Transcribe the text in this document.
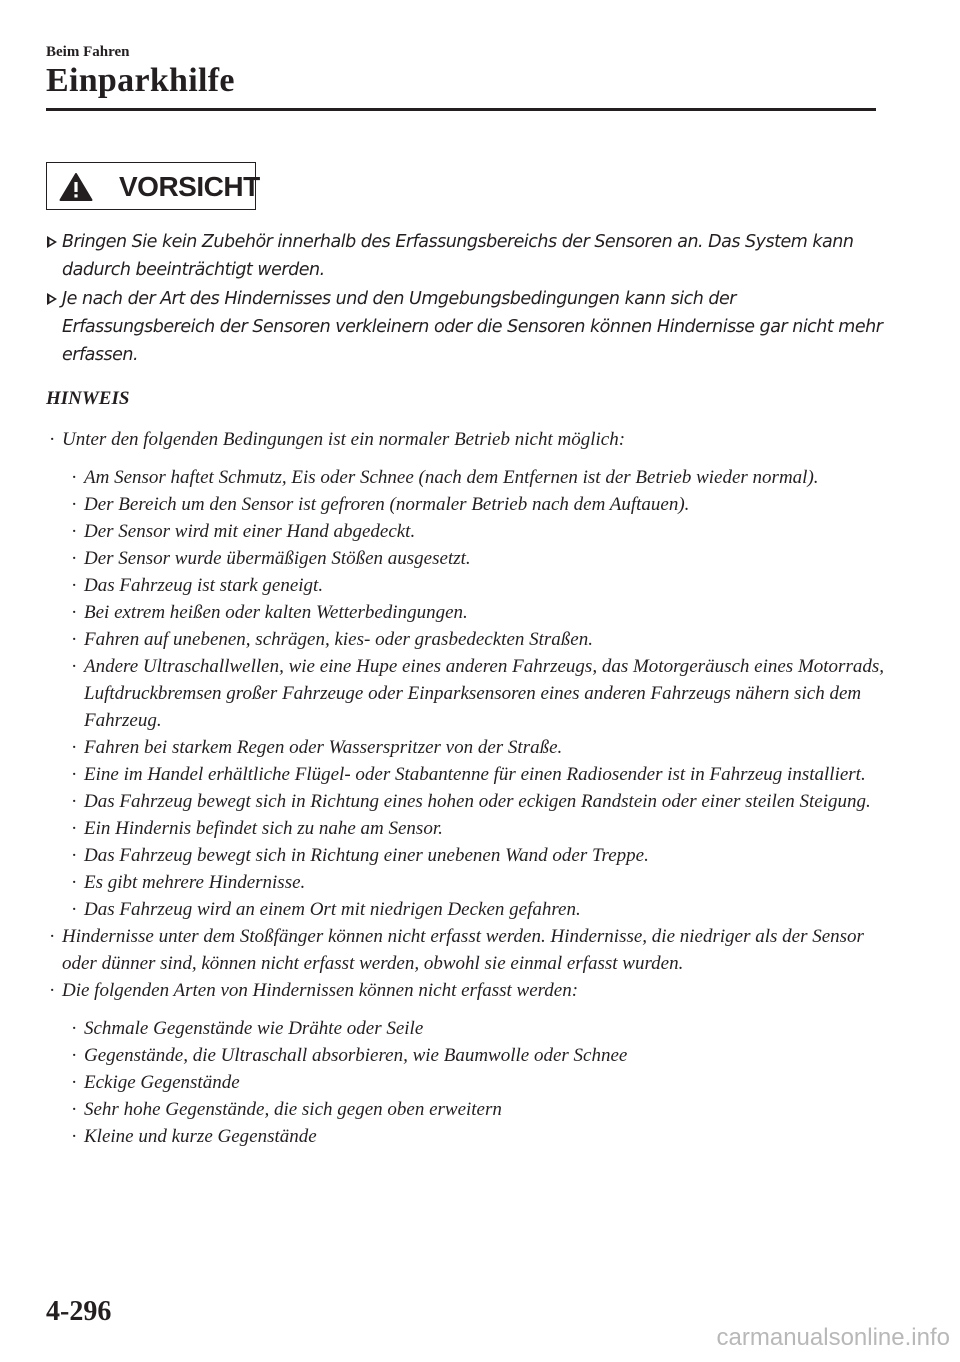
Beim Fahren
Einparkhilfe
VORSICHT
Bringen Sie kein Zubehör innerhalb des Erfassungsbereichs der Sensoren an. Das System kann dadurch beeinträchtigt werden.
Je nach der Art des Hindernisses und den Umgebungsbedingungen kann sich der Erfassungsbereich der Sensoren verkleinern oder die Sensoren können Hindernisse gar nicht mehr erfassen.
HINWEIS
· Unter den folgenden Bedingungen ist ein normaler Betrieb nicht möglich:
· Am Sensor haftet Schmutz, Eis oder Schnee (nach dem Entfernen ist der Betrieb wieder normal).
· Der Bereich um den Sensor ist gefroren (normaler Betrieb nach dem Auftauen).
· Der Sensor wird mit einer Hand abgedeckt.
· Der Sensor wurde übermäßigen Stößen ausgesetzt.
· Das Fahrzeug ist stark geneigt.
· Bei extrem heißen oder kalten Wetterbedingungen.
· Fahren auf unebenen, schrägen, kies- oder grasbedeckten Straßen.
· Andere Ultraschallwellen, wie eine Hupe eines anderen Fahrzeugs, das Motorgeräusch eines Motorrads, Luftdruckbremsen großer Fahrzeuge oder Einparksensoren eines anderen Fahrzeugs nähern sich dem Fahrzeug.
· Fahren bei starkem Regen oder Wasserspritzer von der Straße.
· Eine im Handel erhältliche Flügel- oder Stabantenne für einen Radiosender ist in Fahrzeug installiert.
· Das Fahrzeug bewegt sich in Richtung eines hohen oder eckigen Randstein oder einer steilen Steigung.
· Ein Hindernis befindet sich zu nahe am Sensor.
· Das Fahrzeug bewegt sich in Richtung einer unebenen Wand oder Treppe.
· Es gibt mehrere Hindernisse.
· Das Fahrzeug wird an einem Ort mit niedrigen Decken gefahren.
· Hindernisse unter dem Stoßfänger können nicht erfasst werden. Hindernisse, die niedriger als der Sensor oder dünner sind, können nicht erfasst werden, obwohl sie einmal erfasst wurden.
· Die folgenden Arten von Hindernissen können nicht erfasst werden:
· Schmale Gegenstände wie Drähte oder Seile
· Gegenstände, die Ultraschall absorbieren, wie Baumwolle oder Schnee
· Eckige Gegenstände
· Sehr hohe Gegenstände, die sich gegen oben erweitern
· Kleine und kurze Gegenstände
4-296
carmanualsonline.info
